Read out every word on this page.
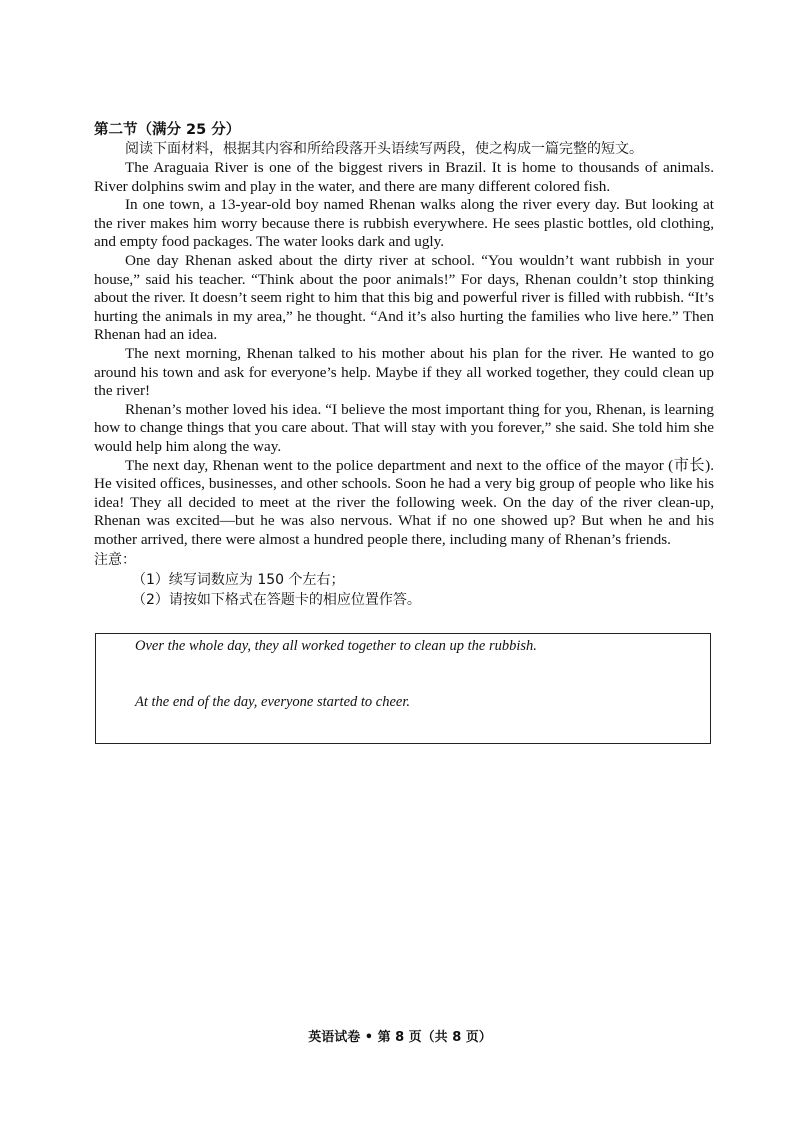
第二节（满分 25 分）

阅读下面材料，根据其内容和所给段落开头语续写两段，使之构成一篇完整的短文。

The Araguaia River is one of the biggest rivers in Brazil. It is home to thousands of animals. River dolphins swim and play in the water, and there are many different colored fish.

In one town, a 13-year-old boy named Rhenan walks along the river every day. But looking at the river makes him worry because there is rubbish everywhere. He sees plastic bottles, old clothing, and empty food packages. The water looks dark and ugly.

One day Rhenan asked about the dirty river at school. “You wouldn’t want rubbish in your house,” said his teacher. “Think about the poor animals!” For days, Rhenan couldn’t stop thinking about the river. It doesn’t seem right to him that this big and powerful river is filled with rubbish. “It’s hurting the animals in my area,” he thought. “And it’s also hurting the families who live here.” Then Rhenan had an idea.

The next morning, Rhenan talked to his mother about his plan for the river. He wanted to go around his town and ask for everyone’s help. Maybe if they all worked together, they could clean up the river!

Rhenan’s mother loved his idea. “I believe the most important thing for you, Rhenan, is learning how to change things that you care about. That will stay with you forever,” she said. She told him she would help him along the way.

The next day, Rhenan went to the police department and next to the office of the mayor (市长). He visited offices, businesses, and other schools. Soon he had a very big group of people who like his idea! They all decided to meet at the river the following week. On the day of the river clean-up, Rhenan was excited—but he was also nervous. What if no one showed up? But when he and his mother arrived, there were almost a hundred people there, including many of Rhenan’s friends.

注意：

（1）续写词数应为 150 个左右；

（2）请按如下格式在答题卡的相应位置作答。

Over the whole day, they all worked together to clean up the rubbish.
At the end of the day, everyone started to cheer.
英语试卷 • 第 8 页（共 8 页）
